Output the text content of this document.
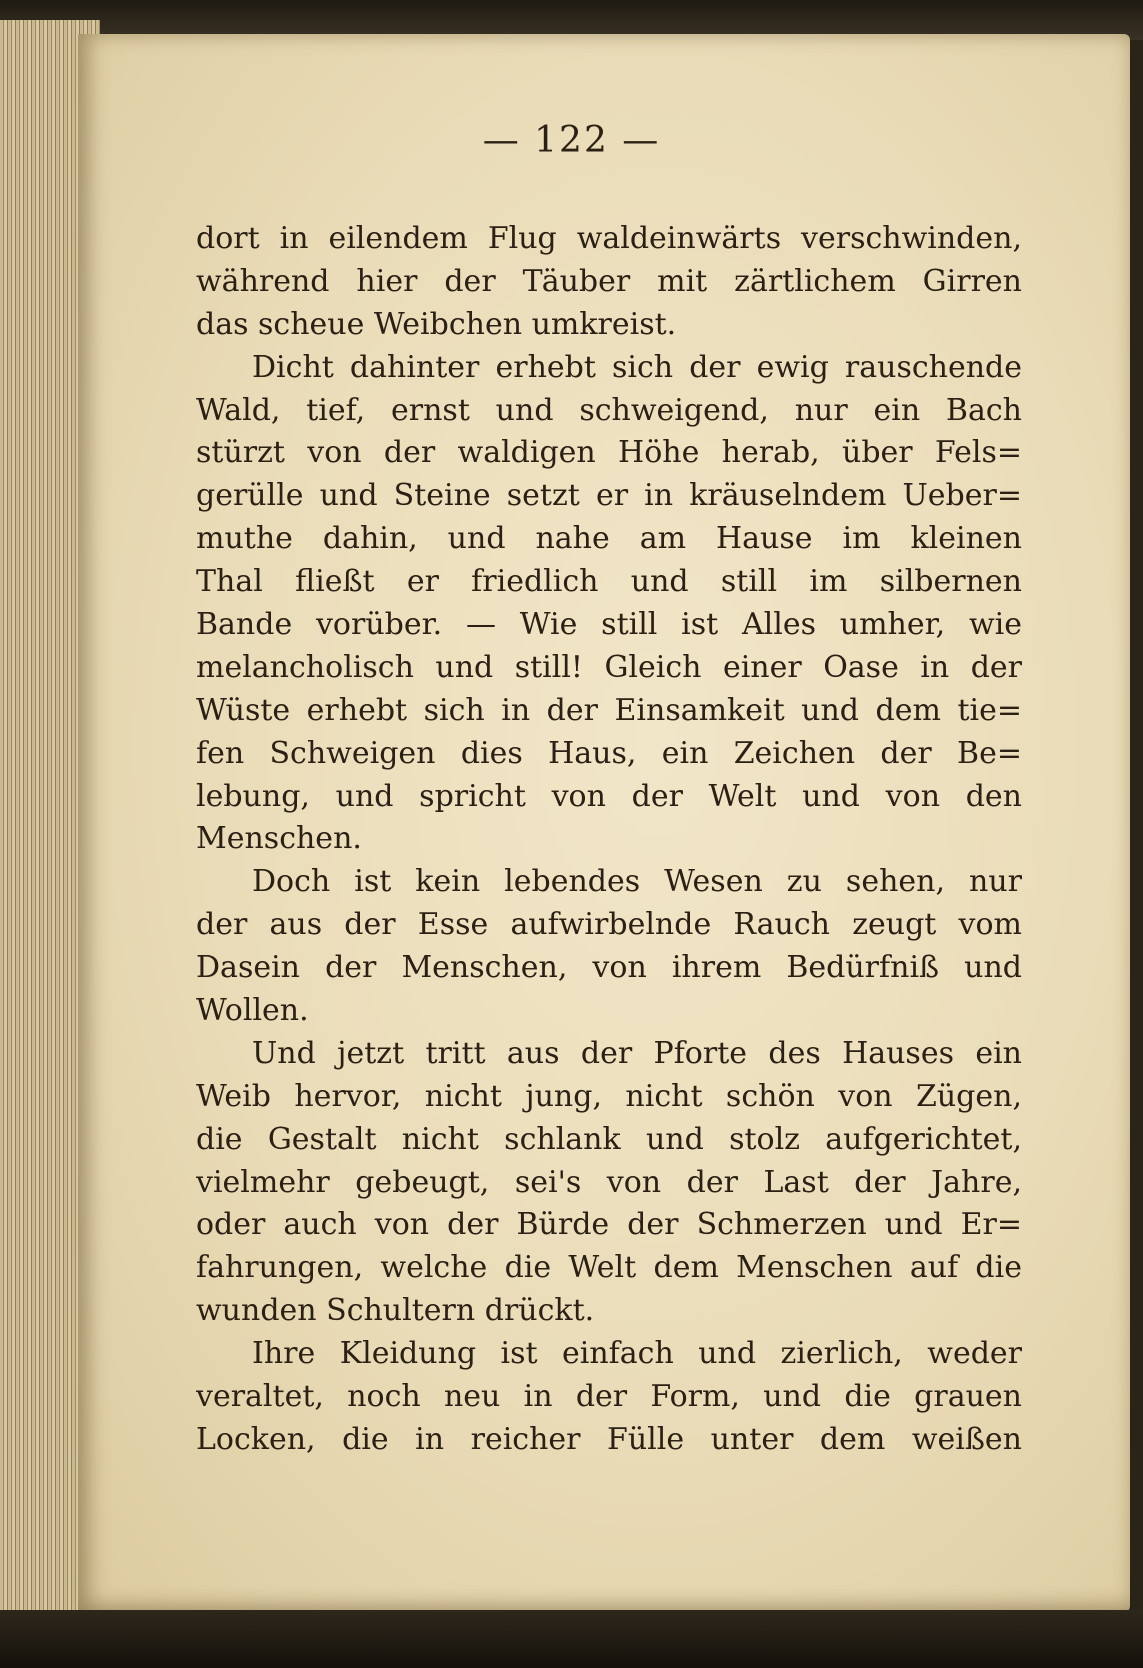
— 122 —

dort in eilendem Flug waldeinwärts verschwinden,
während hier der Täuber mit zärtlichem Girren
das scheue Weibchen umkreist.
Dicht dahinter erhebt sich der ewig rauschende
Wald, tief, ernst und schweigend, nur ein Bach
stürzt von der waldigen Höhe herab, über Fels=
gerülle und Steine setzt er in kräuselndem Ueber=
muthe dahin, und nahe am Hause im kleinen
Thal fließt er friedlich und still im silbernen
Bande vorüber. — Wie still ist Alles umher, wie
melancholisch und still! Gleich einer Oase in der
Wüste erhebt sich in der Einsamkeit und dem tie=
fen Schweigen dies Haus, ein Zeichen der Be=
lebung, und spricht von der Welt und von den
Menschen.
Doch ist kein lebendes Wesen zu sehen, nur
der aus der Esse aufwirbelnde Rauch zeugt vom
Dasein der Menschen, von ihrem Bedürfniß und
Wollen.
Und jetzt tritt aus der Pforte des Hauses ein
Weib hervor, nicht jung, nicht schön von Zügen,
die Gestalt nicht schlank und stolz aufgerichtet,
vielmehr gebeugt, sei's von der Last der Jahre,
oder auch von der Bürde der Schmerzen und Er=
fahrungen, welche die Welt dem Menschen auf die
wunden Schultern drückt.
Ihre Kleidung ist einfach und zierlich, weder
veraltet, noch neu in der Form, und die grauen
Locken, die in reicher Fülle unter dem weißen
